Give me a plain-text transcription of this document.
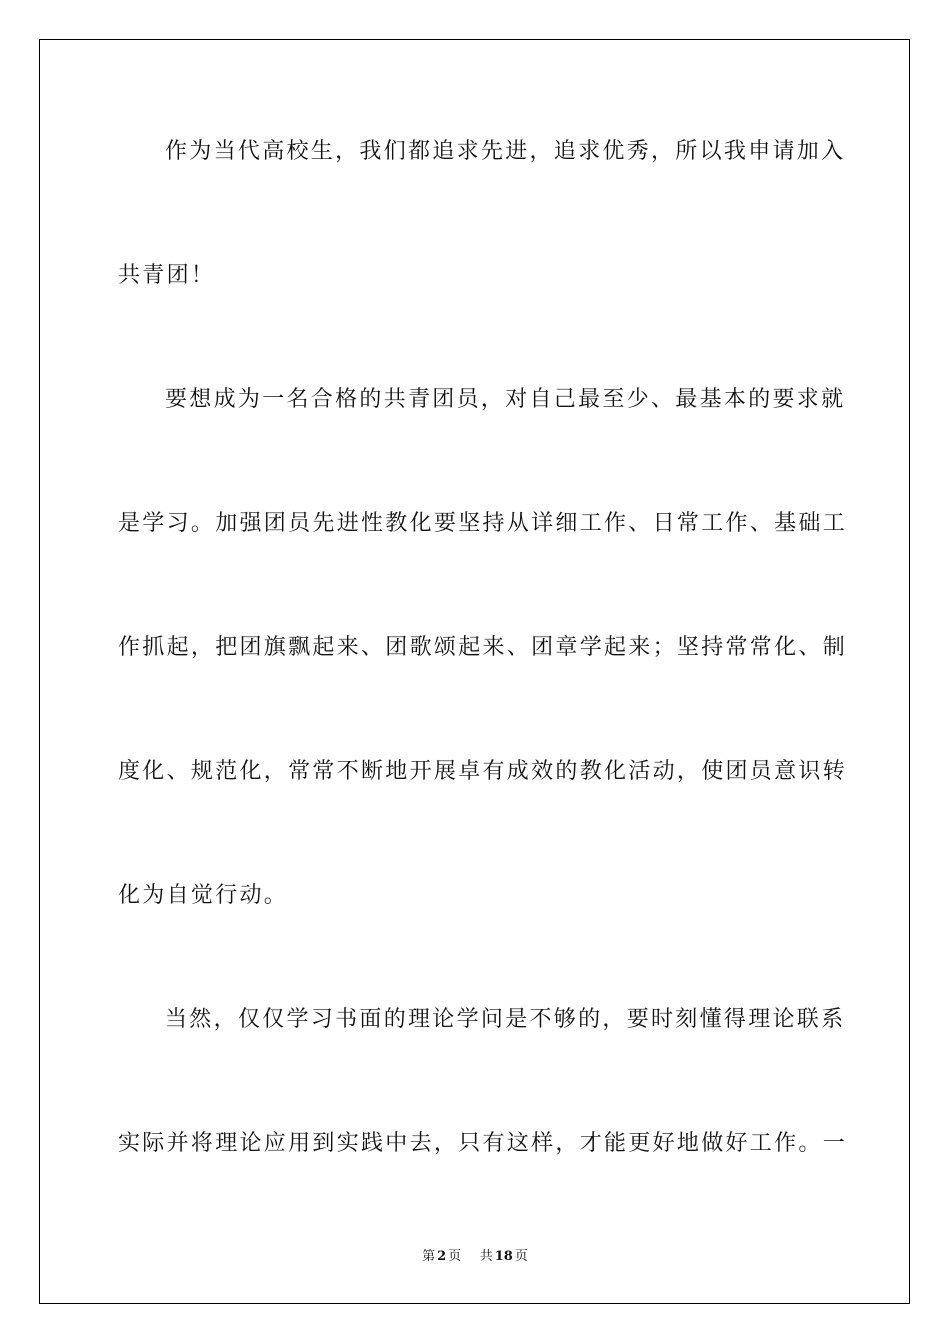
作为当代高校生，我们都追求先进，追求优秀，所以我申请加入
共青团！
要想成为一名合格的共青团员，对自己最至少、最基本的要求就
是学习。加强团员先进性教化要坚持从详细工作、日常工作、基础工
作抓起，把团旗飘起来、团歌颂起来、团章学起来；坚持常常化、制
度化、规范化，常常不断地开展卓有成效的教化活动，使团员意识转
化为自觉行动。
当然，仅仅学习书面的理论学问是不够的，要时刻懂得理论联系
实际并将理论应用到实践中去，只有这样，才能更好地做好工作。一
第 2 页 共 18 页
